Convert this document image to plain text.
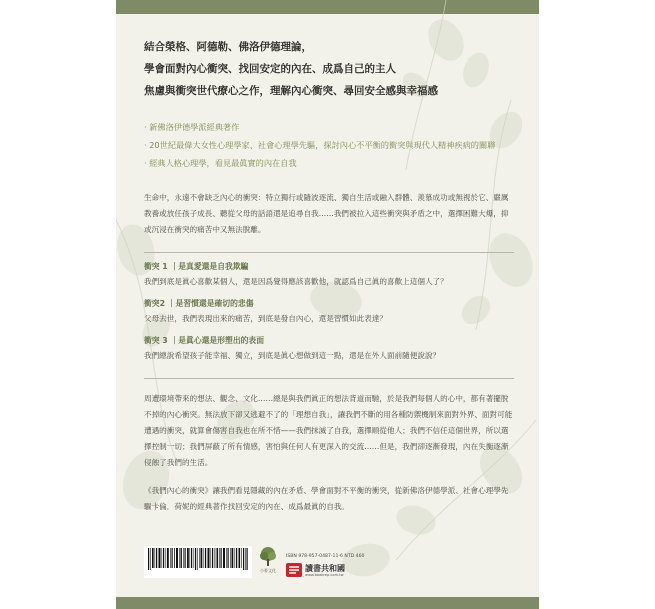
結合榮格、阿德勒、佛洛伊德理論，
學會面對內心衝突、找回安定的內在、成爲自己的主人
焦慮與衝突世代療心之作，理解內心衝突、尋回安全感與幸福感
· 新佛洛伊德學派經典著作
· 20世紀最偉大女性心理學家、社會心理學先驅，探討內心不平衡的衝突與現代人精神疾病的關聯
· 經典人格心理學，看見最眞實的內在自我

生命中，永遠不會缺乏內心的衝突：特立獨行或隨波逐流、獨自生活或融入群體、羨慕成功或無視於它、嚴厲教養或放任孩子成長、聽從父母的話語還是追尋自我……我們被拉入這些衝突與矛盾之中，選擇困難大爆，抑或沉浸在衝突的痛苦中又無法脫離。

衝突 1 ｜是真愛還是自我欺騙
我們到底是眞心喜歡某個人，還是因爲覺得應該喜歡他，就認爲自己眞的喜歡上這個人了？
衝突2 ｜是習慣還是確切的悲傷
父母去世，我們表現出來的痛苦，到底是發自內心，還是習慣如此表達？
衝突 3 ｜是眞心還是形塑出的表面
我們總說希望孩子能幸福、獨立，到底是眞心想做到這一點，還是在外人面前隨便說說？

周遭環境帶來的想法、觀念、文化……總是與我們眞正的想法背道而馳，於是我們每個人的心中，都有著擺脫不掉的內心衝突。無法放下卻又逃避不了的「理想自我」，讓我們不斷的用各種防禦機制來面對外界、面對可能遭遇的衝突，就算會傷害自我也在所不惜——我們抹滅了自我，選擇順從他人；我們不信任這個世界，所以選擇控制一切；我們屏蔽了所有情感，害怕與任何人有更深入的交流……但是，我們卻逐漸發現，內在失衡逐漸侵蝕了我們的生活。

《我們內心的衝突》讓我們看見隱藏的內在矛盾、學會面對不平衡的衝突，從新佛洛伊德學派、社會心理學先驅卡倫．荷妮的經典著作找回安定的內在、成爲最眞的自我。

小麥文化
ISBN 978-957-0487-11-6 NTD 460
讀書共和國
www.bookrep.com.tw
